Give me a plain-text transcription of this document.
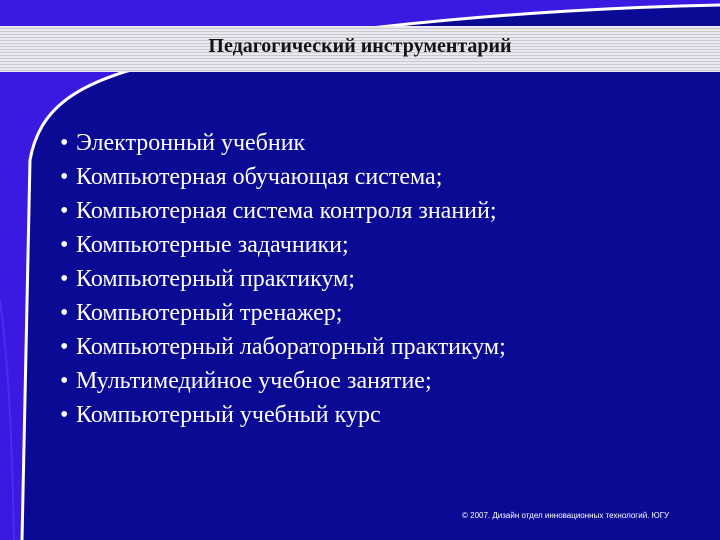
Педагогический инструментарий
• Электронный учебник
• Компьютерная обучающая система;
• Компьютерная система контроля знаний;
• Компьютерные задачники;
• Компьютерный практикум;
• Компьютерный тренажер;
• Компьютерный лабораторный практикум;
• Мультимедийное учебное занятие;
• Компьютерный учебный курс
© 2007. Дизайн отдел инновационных технологий. ЮГУ
